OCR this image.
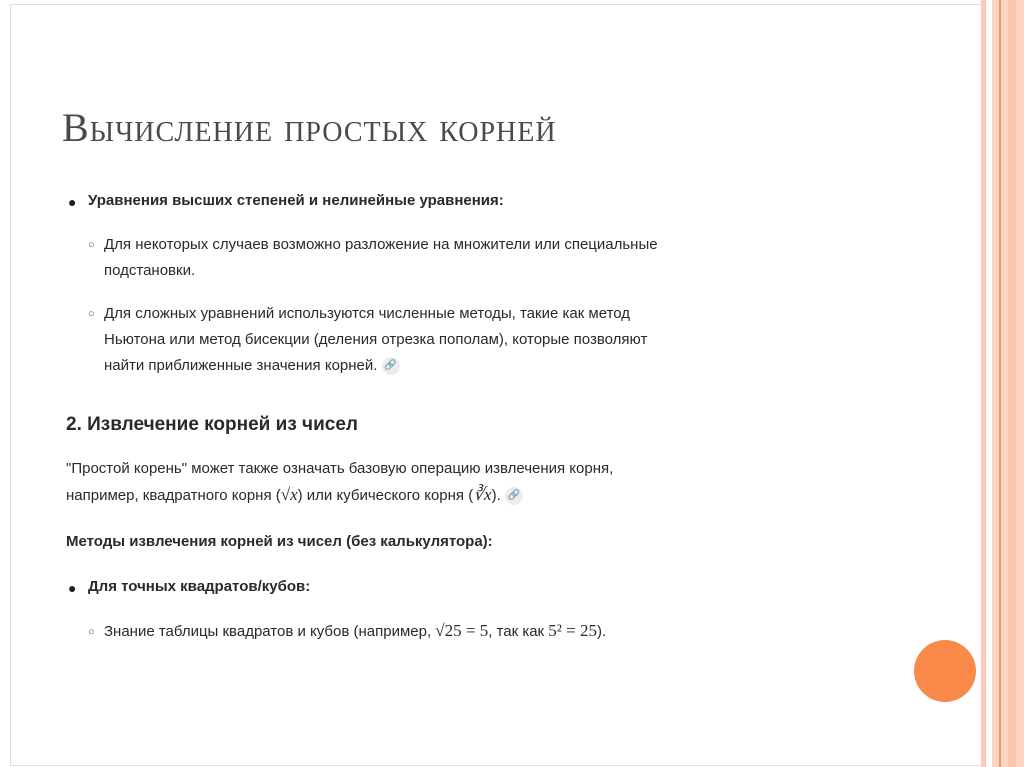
Вычисление простых корней
● Уравнения высших степеней и нелинейные уравнения:
○ Для некоторых случаев возможно разложение на множители или специальные
подстановки.
○ Для сложных уравнений используются численные методы, такие как метод
Ньютона или метод бисекции (деления отрезка пополам), которые позволяют
найти приближенные значения корней. 🔗
2. Извлечение корней из чисел
"Простой корень" может также означать базовую операцию извлечения корня,
например, квадратного корня (√x) или кубического корня (∛x). 🔗
Методы извлечения корней из чисел (без калькулятора):
● Для точных квадратов/кубов:
○ Знание таблицы квадратов и кубов (например, √25 = 5, так как 5² = 25).
